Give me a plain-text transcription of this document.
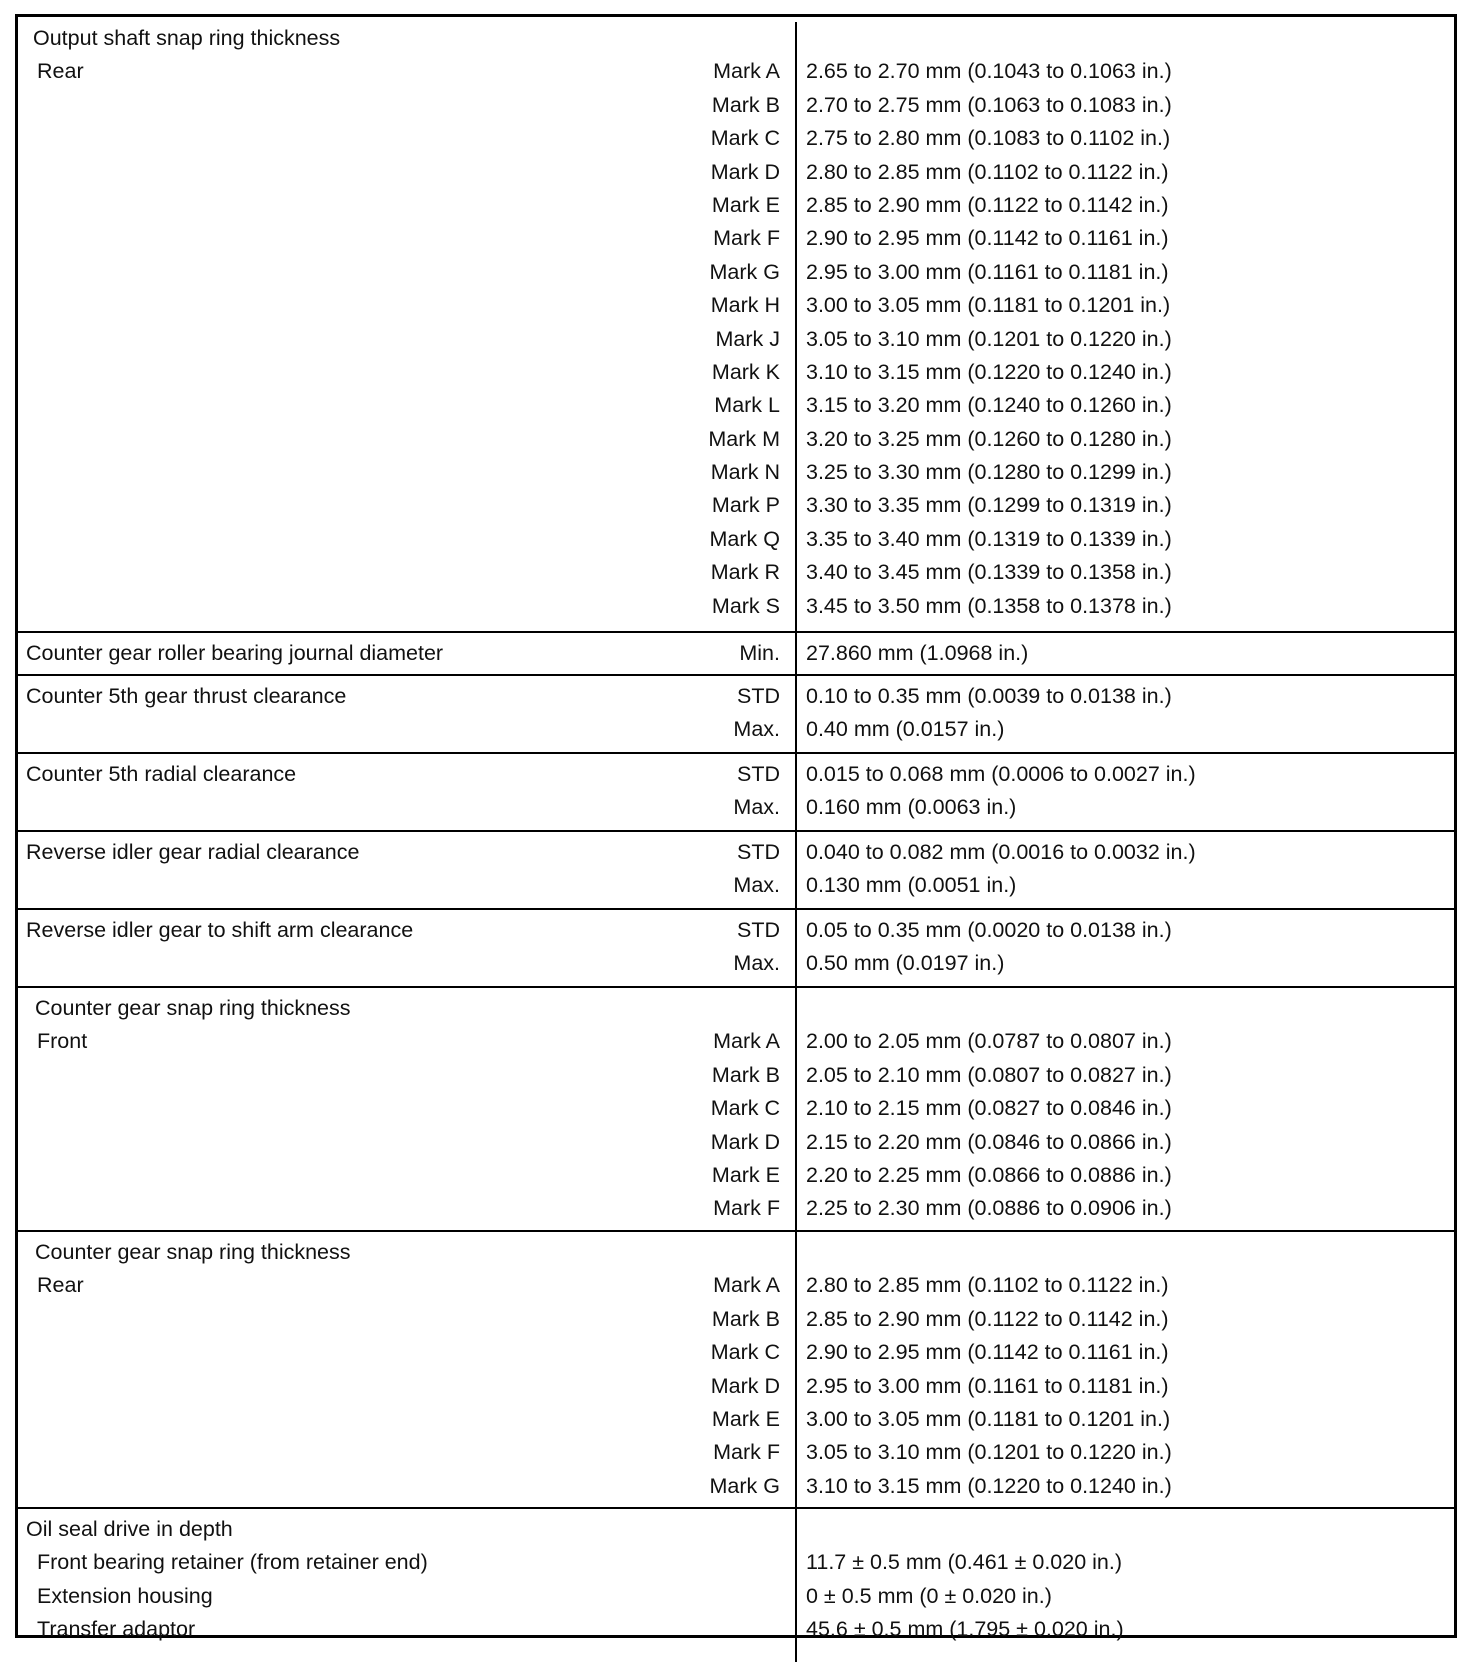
Output shaft snap ring thickness
Rear	Mark A 2.65 to 2.70 mm (0.1043 to 0.1063 in.)
Mark B 2.70 to 2.75 mm (0.1063 to 0.1083 in.)
Mark C 2.75 to 2.80 mm (0.1083 to 0.1102 in.)
Mark D 2.80 to 2.85 mm (0.1102 to 0.1122 in.)
Mark E 2.85 to 2.90 mm (0.1122 to 0.1142 in.)
Mark F 2.90 to 2.95 mm (0.1142 to 0.1161 in.)
Mark G 2.95 to 3.00 mm (0.1161 to 0.1181 in.)
Mark H 3.00 to 3.05 mm (0.1181 to 0.1201 in.)
Mark J 3.05 to 3.10 mm (0.1201 to 0.1220 in.)
Mark K 3.10 to 3.15 mm (0.1220 to 0.1240 in.)
Mark L 3.15 to 3.20 mm (0.1240 to 0.1260 in.)
Mark M 3.20 to 3.25 mm (0.1260 to 0.1280 in.)
Mark N 3.25 to 3.30 mm (0.1280 to 0.1299 in.)
Mark P 3.30 to 3.35 mm (0.1299 to 0.1319 in.)
Mark Q 3.35 to 3.40 mm (0.1319 to 0.1339 in.)
Mark R 3.40 to 3.45 mm (0.1339 to 0.1358 in.)
Mark S 3.45 to 3.50 mm (0.1358 to 0.1378 in.)
Counter gear roller bearing journal diameter	Min. 27.860 mm (1.0968 in.)
Counter 5th gear thrust clearance	STD 0.10 to 0.35 mm (0.0039 to 0.0138 in.)
Max. 0.40 mm (0.0157 in.)
Counter 5th radial clearance	STD 0.015 to 0.068 mm (0.0006 to 0.0027 in.)
Max. 0.160 mm (0.0063 in.)
Reverse idler gear radial clearance	STD 0.040 to 0.082 mm (0.0016 to 0.0032 in.)
Max. 0.130 mm (0.0051 in.)
Reverse idler gear to shift arm clearance	STD 0.05 to 0.35 mm (0.0020 to 0.0138 in.)
Max. 0.50 mm (0.0197 in.)
Counter gear snap ring thickness
Front	Mark A 2.00 to 2.05 mm (0.0787 to 0.0807 in.)
Mark B 2.05 to 2.10 mm (0.0807 to 0.0827 in.)
Mark C 2.10 to 2.15 mm (0.0827 to 0.0846 in.)
Mark D 2.15 to 2.20 mm (0.0846 to 0.0866 in.)
Mark E 2.20 to 2.25 mm (0.0866 to 0.0886 in.)
Mark F 2.25 to 2.30 mm (0.0886 to 0.0906 in.)
Counter gear snap ring thickness
Rear	Mark A 2.80 to 2.85 mm (0.1102 to 0.1122 in.)
Mark B 2.85 to 2.90 mm (0.1122 to 0.1142 in.)
Mark C 2.90 to 2.95 mm (0.1142 to 0.1161 in.)
Mark D 2.95 to 3.00 mm (0.1161 to 0.1181 in.)
Mark E 3.00 to 3.05 mm (0.1181 to 0.1201 in.)
Mark F 3.05 to 3.10 mm (0.1201 to 0.1220 in.)
Mark G 3.10 to 3.15 mm (0.1220 to 0.1240 in.)
Oil seal drive in depth
Front bearing retainer (from retainer end)	11.7 ± 0.5 mm (0.461 ± 0.020 in.)
Extension housing	0 ± 0.5 mm (0 ± 0.020 in.)
Transfer adaptor	45.6 ± 0.5 mm (1.795 ± 0.020 in.)
